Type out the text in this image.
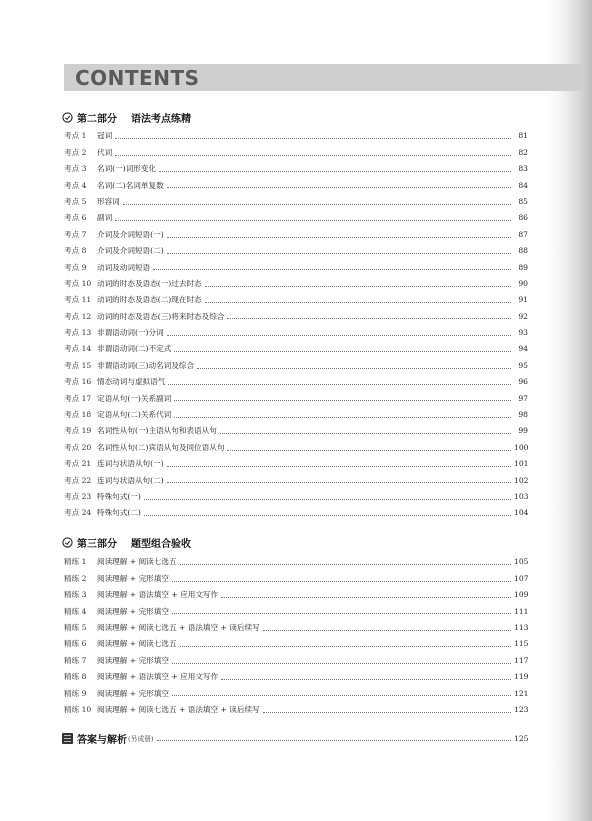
CONTENTS
第二部分 语法考点练精
考点 1	冠词	81
考点 2	代词	82
考点 3	名词(一)词形变化	83
考点 4	名词(二)名词单复数	84
考点 5	形容词	85
考点 6	副词	86
考点 7	介词及介词短语(一)	87
考点 8	介词及介词短语(二)	88
考点 9	动词及动词短语	89
考点 10 动词的时态及语态(一)过去时态	90
考点 11 动词的时态及语态(二)现在时态	91
考点 12 动词的时态及语态(三)将来时态及综合	92
考点 13 非谓语动词(一)分词	93
考点 14 非谓语动词(二)不定式	94
考点 15 非谓语动词(三)动名词及综合	95
考点 16 情态动词与虚拟语气	96
考点 17 定语从句(一)关系副词	97
考点 18 定语从句(二)关系代词	98
考点 19 名词性从句(一)主语从句和表语从句	99
考点 20 名词性从句(二)宾语从句及同位语从句	100
考点 21 连词与状语从句(一)	101
考点 22 连词与状语从句(二)	102
考点 23 特殊句式(一)	103
考点 24 特殊句式(二)	104
第三部分 题型组合验收
精练 1	阅读理解 + 阅读七选五	105
精练 2	阅读理解 + 完形填空	107
精练 3	阅读理解 + 语法填空 + 应用文写作	109
精练 4	阅读理解 + 完形填空	111
精练 5	阅读理解 + 阅读七选五 + 语法填空 + 读后续写	113
精练 6	阅读理解 + 阅读七选五	115
精练 7	阅读理解 + 完形填空	117
精练 8	阅读理解 + 语法填空 + 应用文写作	119
精练 9	阅读理解 + 完形填空	121
精练 10 阅读理解 + 阅读七选五 + 语法填空 + 读后续写	123
答案与解析 (另成册)	125
